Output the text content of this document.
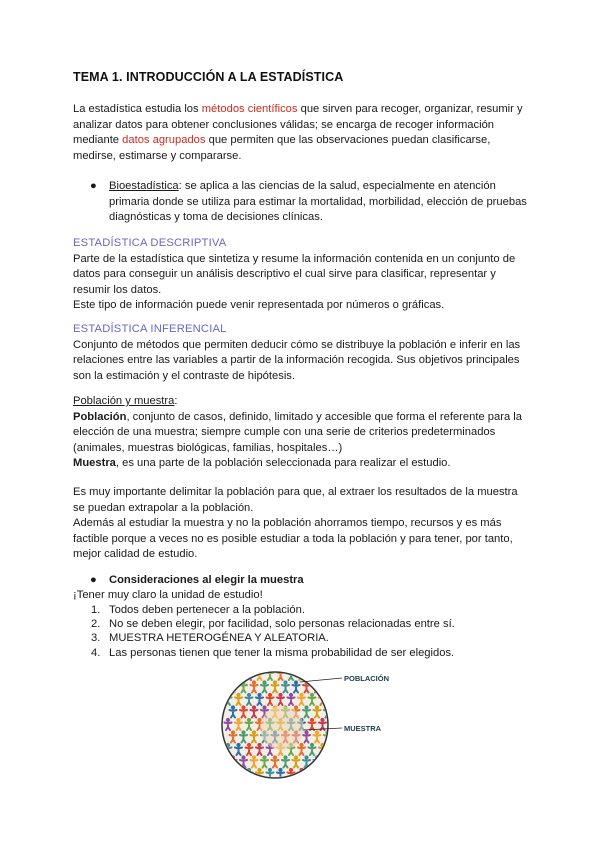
TEMA 1. INTRODUCCIÓN A LA ESTADÍSTICA

La estadística estudia los métodos científicos que sirven para recoger, organizar, resumir y analizar datos para obtener conclusiones válidas; se encarga de recoger información mediante datos agrupados que permiten que las observaciones puedan clasificarse, medirse, estimarse y compararse.

● Bioestadística: se aplica a las ciencias de la salud, especialmente en atención primaria donde se utiliza para estimar la mortalidad, morbilidad, elección de pruebas diagnósticas y toma de decisiones clínicas.

ESTADÍSTICA DESCRIPTIVA

Parte de la estadística que sintetiza y resume la información contenida en un conjunto de datos para conseguir un análisis descriptivo el cual sirve para clasificar, representar y resumir los datos.

Este tipo de información puede venir representada por números o gráficas.

ESTADÍSTICA INFERENCIAL

Conjunto de métodos que permiten deducir cómo se distribuye la población e inferir en las relaciones entre las variables a partir de la información recogida. Sus objetivos principales son la estimación y el contraste de hipótesis.

Población y muestra:

Población, conjunto de casos, definido, limitado y accesible que forma el referente para la elección de una muestra; siempre cumple con una serie de criterios predeterminados (animales, muestras biológicas, familias, hospitales…)

Muestra, es una parte de la población seleccionada para realizar el estudio.

Es muy importante delimitar la población para que, al extraer los resultados de la muestra se puedan extrapolar a la población.

Además al estudiar la muestra y no la población ahorramos tiempo, recursos y es más factible porque a veces no es posible estudiar a toda la población y para tener, por tanto, mejor calidad de estudio.

● Consideraciones al elegir la muestra

¡Tener muy claro la unidad de estudio!

1. Todos deben pertenecer a la población.
2. No se deben elegir, por facilidad, solo personas relacionadas entre sí.
3. MUESTRA HETEROGÉNEA Y ALEATORIA.
4. Las personas tienen que tener la misma probabilidad de ser elegidos.
POBLACIÓN
MUESTRA
